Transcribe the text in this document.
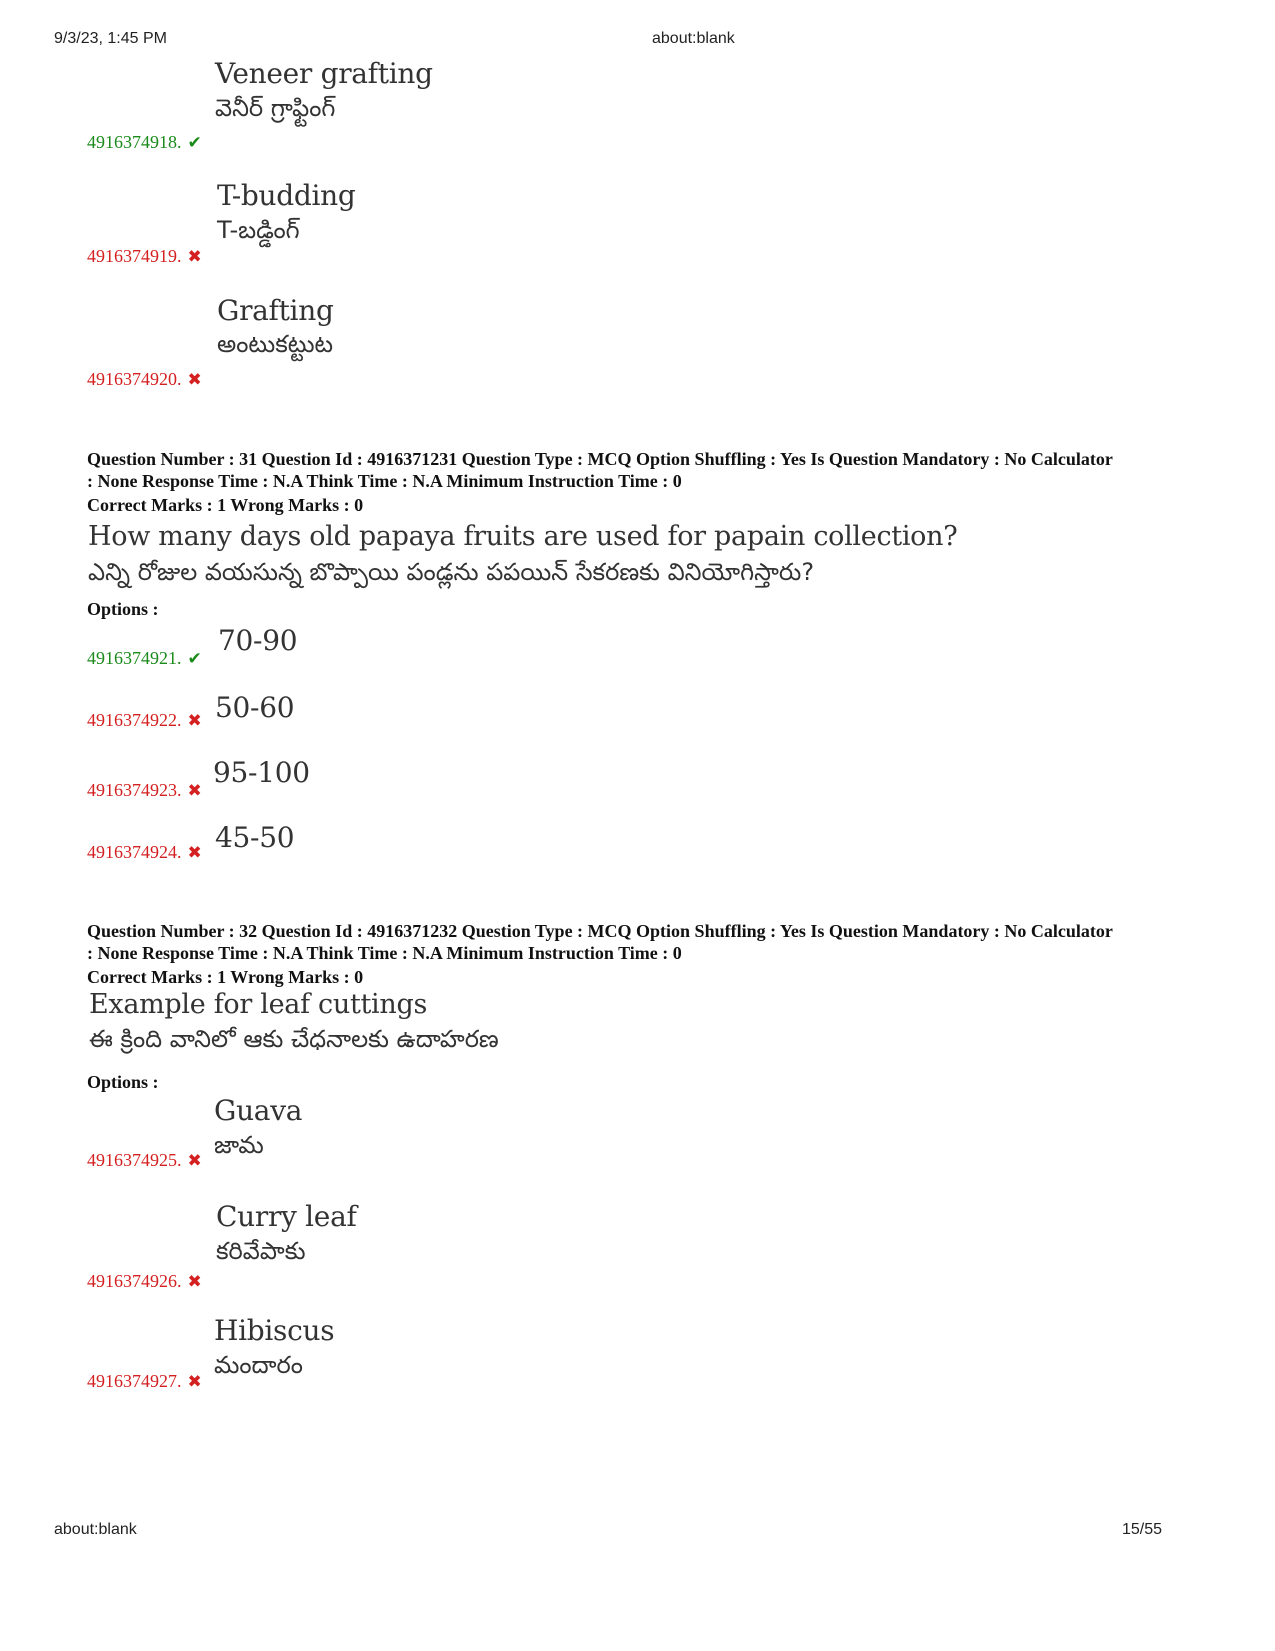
9/3/23, 1:45 PM	about:blank
Veneer grafting
వెనీర్ గ్రాఫ్టింగ్
4916374918. ✔
T-budding
T-బడ్డింగ్
4916374919. ✖
Grafting
అంటుకట్టుట
4916374920. ✖
Question Number : 31 Question Id : 4916371231 Question Type : MCQ Option Shuffling : Yes Is Question Mandatory : No Calculator
: None Response Time : N.A Think Time : N.A Minimum Instruction Time : 0
Correct Marks : 1 Wrong Marks : 0
How many days old papaya fruits are used for papain collection?
ఎన్ని రోజుల వయసున్న బొప్పాయి పండ్లను పపయిన్ సేకరణకు వినియోగిస్తారు?
Options :
4916374921. ✔
70-90
4916374922. ✖ 50-60
4916374923. ✖
95-100
4916374924. ✖ 45-50
Question Number : 32 Question Id : 4916371232 Question Type : MCQ Option Shuffling : Yes Is Question Mandatory : No Calculator
: None Response Time : N.A Think Time : N.A Minimum Instruction Time : 0
Correct Marks : 1 Wrong Marks : 0
Example for leaf cuttings
ఈ క్రింది వానిలో ఆకు చేధనాలకు ఉదాహరణ
Options :
Guava
జామ
4916374925. ✖
Curry leaf
కరివేపాకు
4916374926. ✖
Hibiscus
మందారం
4916374927. ✖
about:blank	15/55
